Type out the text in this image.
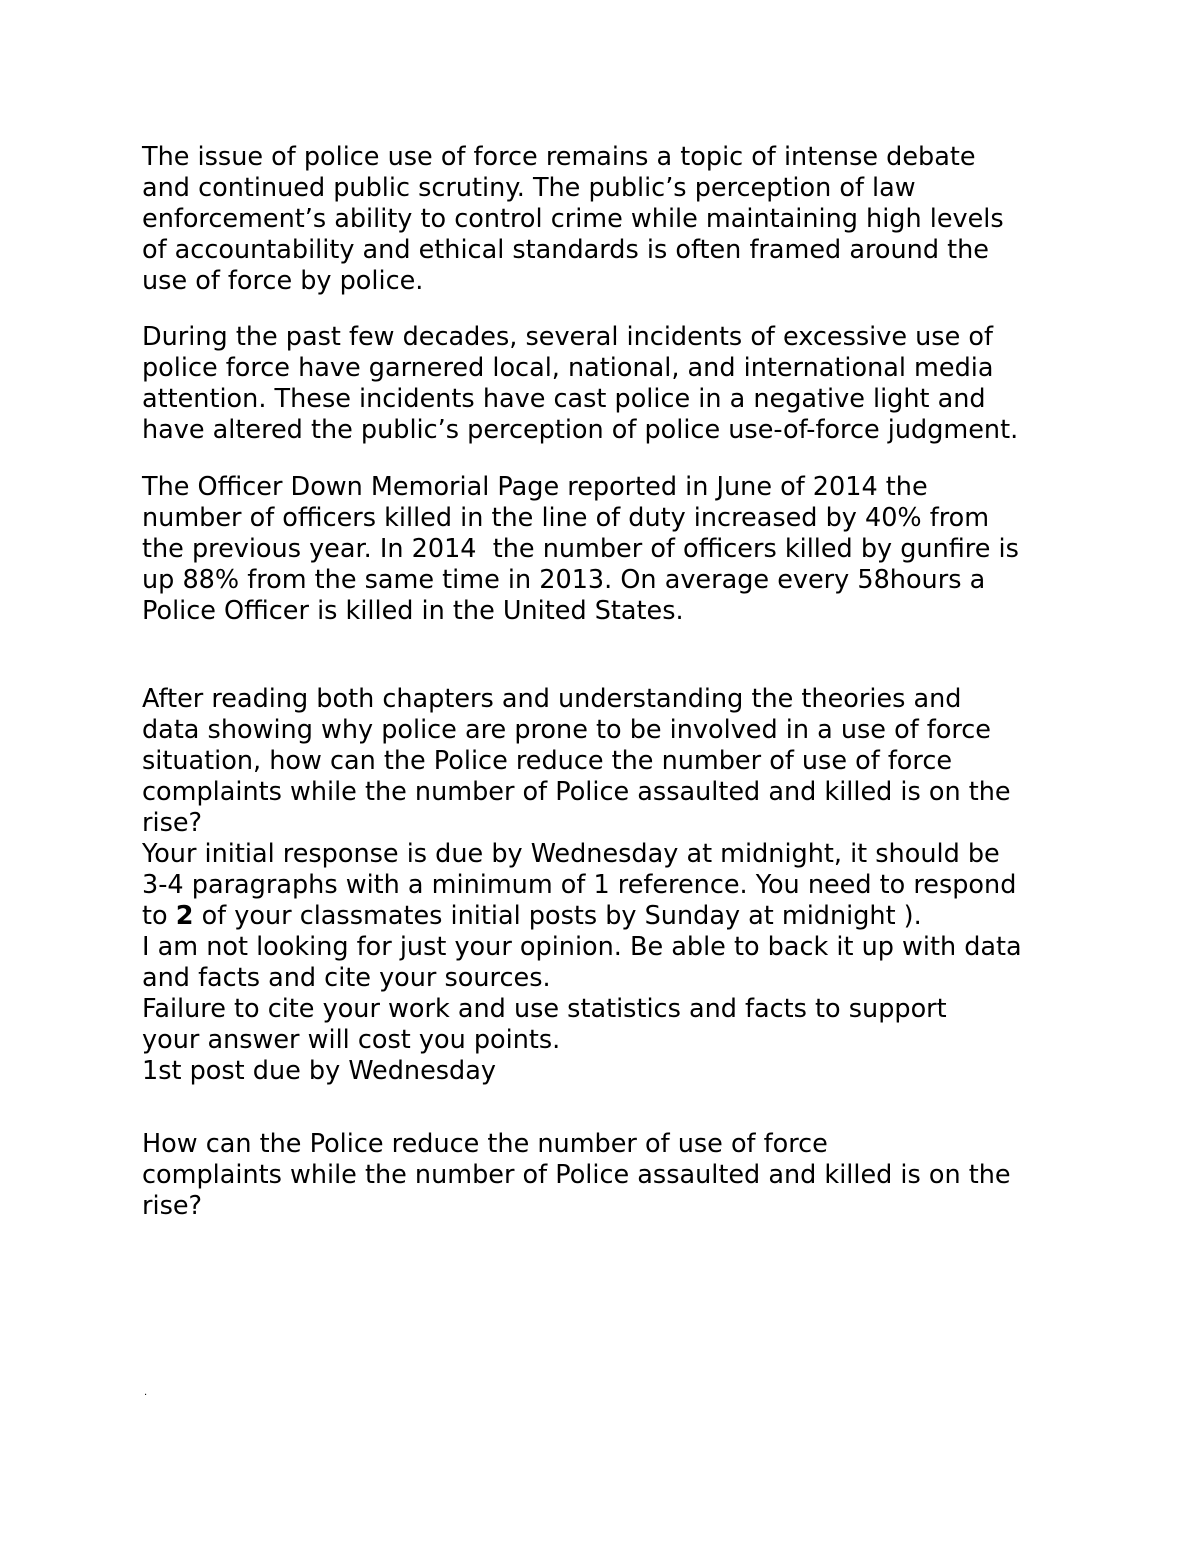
The issue of police use of force remains a topic of intense debate
and continued public scrutiny. The public’s perception of law
enforcement’s ability to control crime while maintaining high levels
of accountability and ethical standards is often framed around the
use of force by police.
During the past few decades, several incidents of excessive use of
police force have garnered local, national, and international media
attention. These incidents have cast police in a negative light and
have altered the public’s perception of police use-of-force judgment.
The Officer Down Memorial Page reported in June of 2014 the
number of officers killed in the line of duty increased by 40% from
the previous year. In 2014  the number of officers killed by gunfire is
up 88% from the same time in 2013. On average every 58hours a
Police Officer is killed in the United States.
After reading both chapters and understanding the theories and
data showing why police are prone to be involved in a use of force
situation, how can the Police reduce the number of use of force
complaints while the number of Police assaulted and killed is on the
rise?
Your initial response is due by Wednesday at midnight, it should be
3-4 paragraphs with a minimum of 1 reference. You need to respond
to 2 of your classmates initial posts by Sunday at midnight ).
I am not looking for just your opinion. Be able to back it up with data
and facts and cite your sources.
Failure to cite your work and use statistics and facts to support
your answer will cost you points.
1st post due by Wednesday
How can the Police reduce the number of use of force
complaints while the number of Police assaulted and killed is on the
rise?
.
